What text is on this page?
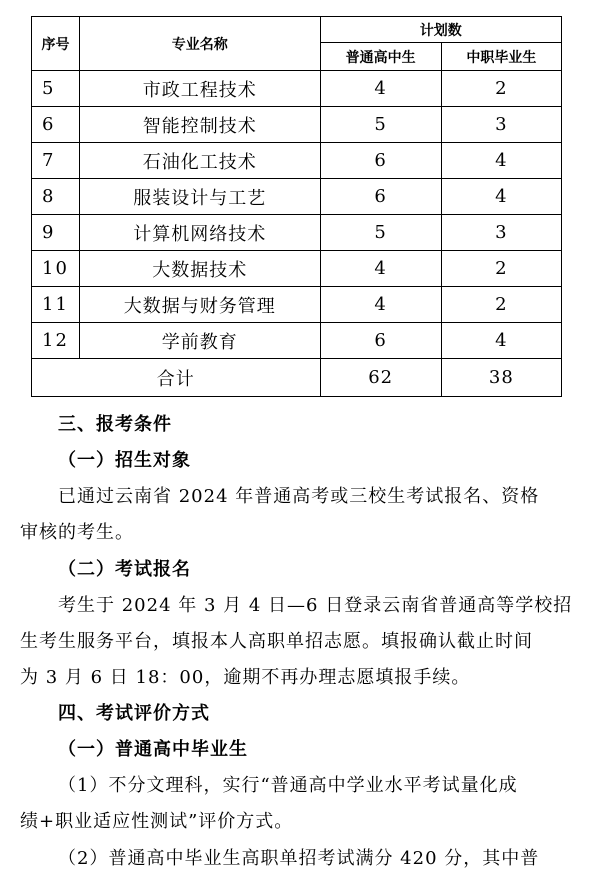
序号	专业名称	计划数	
		普通高中生	中职毕业生
5	市政工程技术	4	2
6	智能控制技术	5	3
7	石油化工技术	6	4
8	服装设计与工艺	6	4
9	计算机网络技术	5	3
10	大数据技术	4	2
11	大数据与财务管理	4	2
12	学前教育	6	4
合计		62	38
三、报考条件
（一）招生对象
已通过云南省 2024 年普通高考或三校生考试报名、资格
审核的考生。
（二）考试报名
考生于 2024 年 3 月 4 日—6 日登录云南省普通高等学校招
生考生服务平台，填报本人高职单招志愿。填报确认截止时间
为 3 月 6 日 18：00，逾期不再办理志愿填报手续。
四、考试评价方式
（一）普通高中毕业生
（1）不分文理科，实行“普通高中学业水平考试量化成
绩+职业适应性测试”评价方式。
（2）普通高中毕业生高职单招考试满分 420 分，其中普
